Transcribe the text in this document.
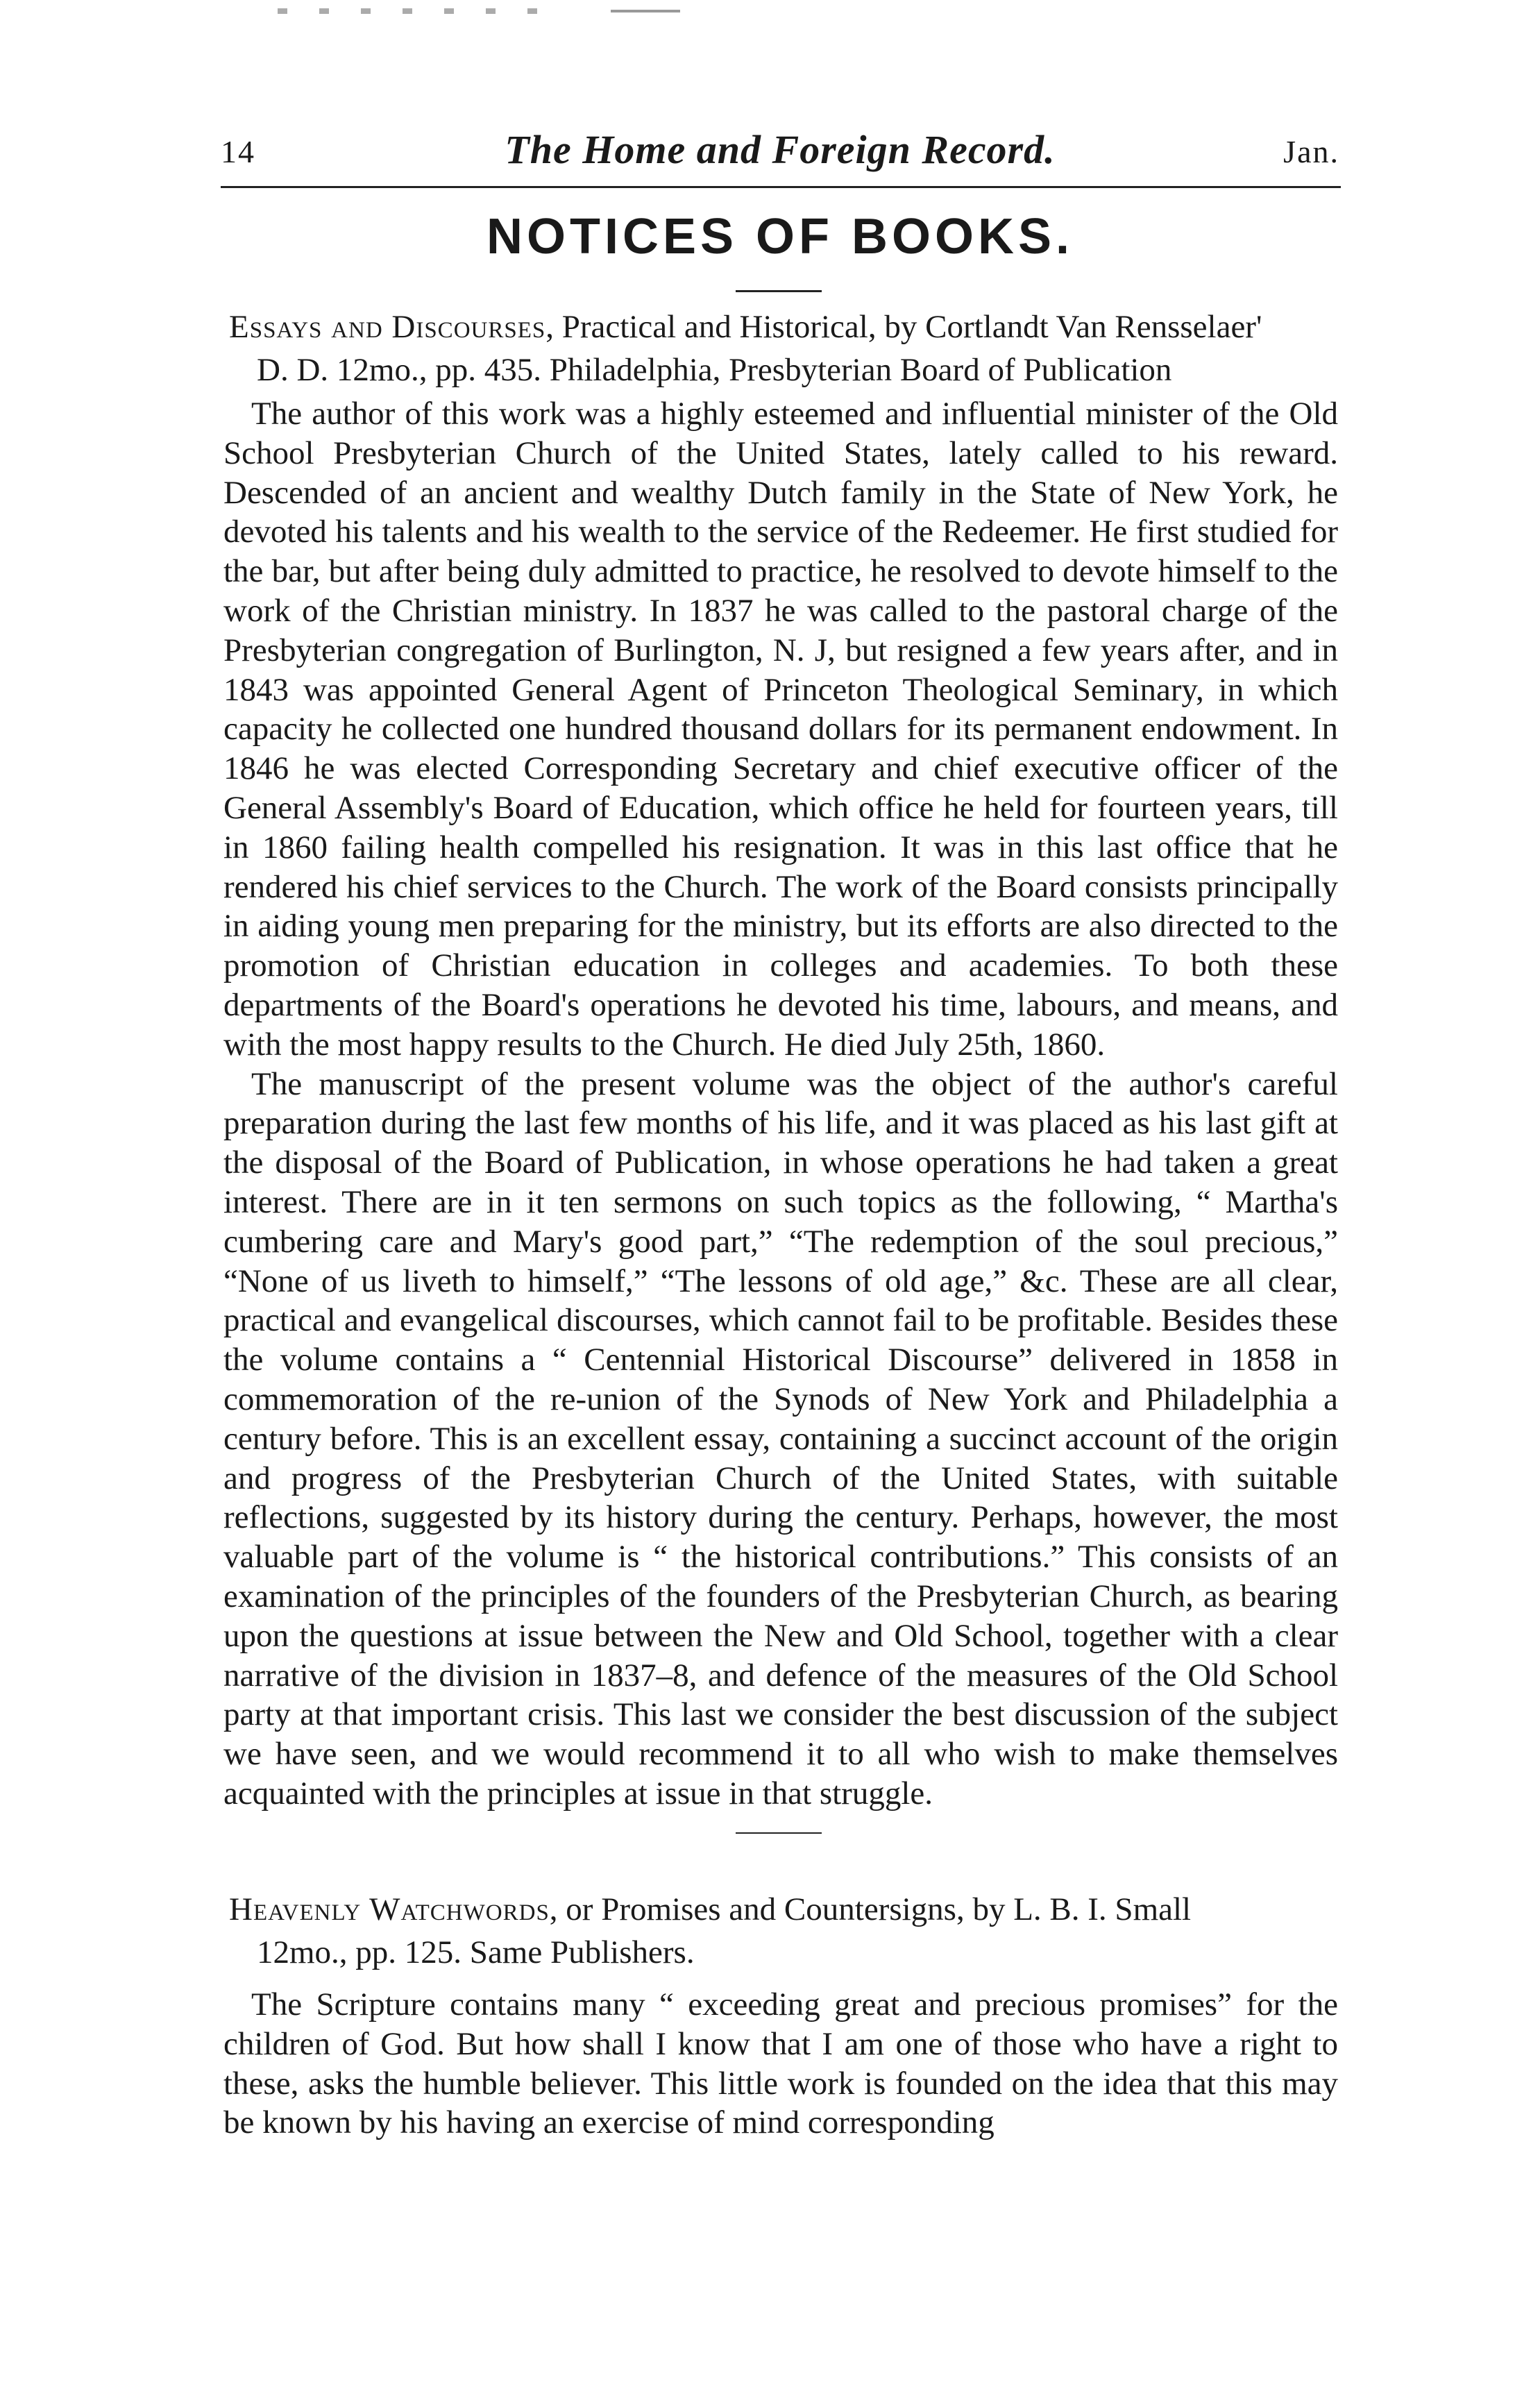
14	The Home and Foreign Record.	Jan.
NOTICES OF BOOKS.
Essays and Discourses, Practical and Historical, by Cortlandt Van Rensselaer'
D. D. 12mo., pp. 435. Philadelphia, Presbyterian Board of Publication

The author of this work was a highly esteemed and influential minister of the Old School Presbyterian Church of the United States, lately called to his reward. Descended of an ancient and wealthy Dutch family in the State of New York, he devoted his talents and his wealth to the service of the Redeemer. He first studied for the bar, but after being duly admitted to practice, he resolved to devote himself to the work of the Christian ministry. In 1837 he was called to the pastoral charge of the Presbyterian congregation of Burlington, N. J, but resigned a few years after, and in 1843 was appointed General Agent of Princeton Theological Seminary, in which capacity he collected one hundred thousand dollars for its permanent endowment. In 1846 he was elected Corresponding Secretary and chief executive officer of the General Assembly's Board of Education, which office he held for fourteen years, till in 1860 failing health compelled his resignation. It was in this last office that he rendered his chief services to the Church. The work of the Board consists principally in aiding young men preparing for the ministry, but its efforts are also directed to the promotion of Christian education in colleges and academies. To both these departments of the Board's operations he devoted his time, labours, and means, and with the most happy results to the Church. He died July 25th, 1860.

The manuscript of the present volume was the object of the author's careful preparation during the last few months of his life, and it was placed as his last gift at the disposal of the Board of Publication, in whose operations he had taken a great interest. There are in it ten sermons on such topics as the following, “ Martha's cumbering care and Mary's good part,” “The redemption of the soul precious,” “None of us liveth to himself,” “The lessons of old age,” &c. These are all clear, practical and evangelical discourses, which cannot fail to be profitable. Besides these the volume contains a “ Centennial Historical Discourse” delivered in 1858 in commemoration of the re-union of the Synods of New York and Philadelphia a century before. This is an excellent essay, containing a succinct account of the origin and progress of the Presbyterian Church of the United States, with suitable reflections, suggested by its history during the century. Perhaps, however, the most valuable part of the volume is “ the historical contributions.” This consists of an examination of the principles of the founders of the Presbyterian Church, as bearing upon the questions at issue between the New and Old School, together with a clear narrative of the division in 1837–8, and defence of the measures of the Old School party at that important crisis. This last we consider the best discussion of the subject we have seen, and we would recommend it to all who wish to make themselves acquainted with the principles at issue in that struggle.

Heavenly Watchwords, or Promises and Countersigns, by L. B. I. Small
12mo., pp. 125. Same Publishers.

The Scripture contains many “ exceeding great and precious promises” for the children of God. But how shall I know that I am one of those who have a right to these, asks the humble believer. This little work is founded on the idea that this may be known by his having an exercise of mind corresponding
